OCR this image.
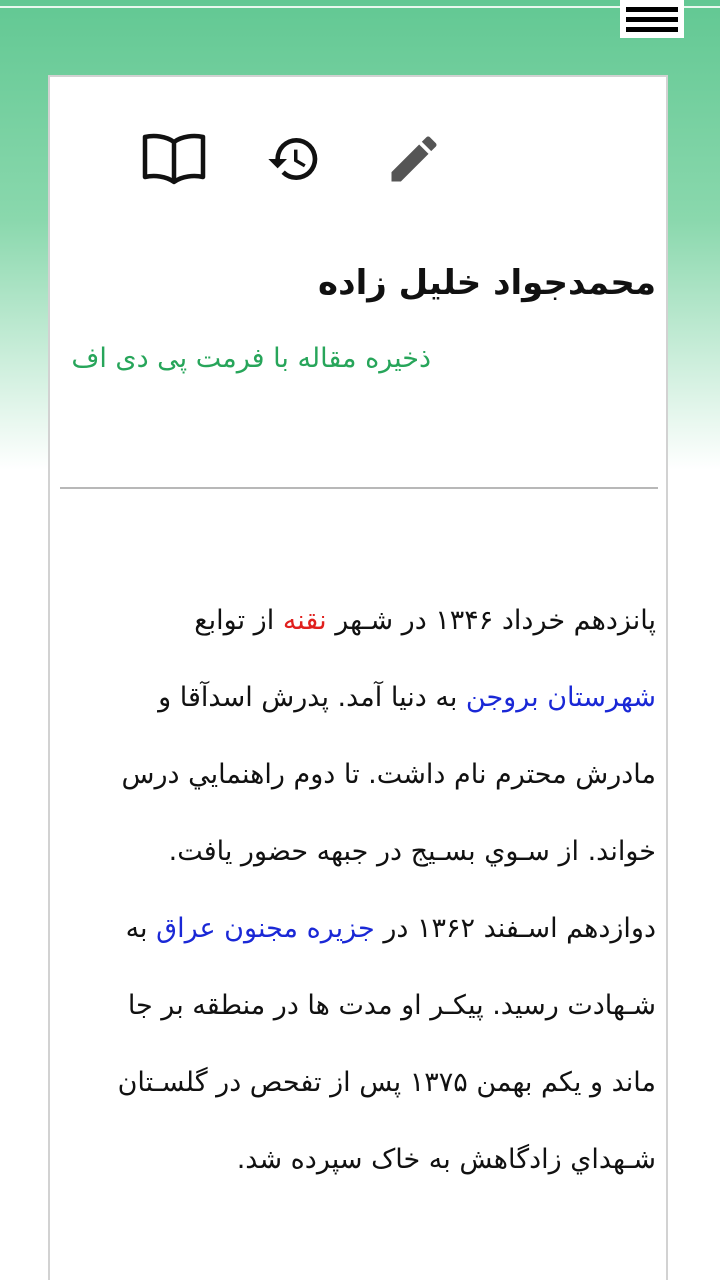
محمدجواد خلیل زاده
ذخیره مقاله با فرمت پی دی اف

پانزدهم خرداد ۱۳۴۶ در شـهر نقنه از توابع
شهرستان بروجن به دنیا آمد. پدرش اسدآقا و
مادرش محترم نام داشت. تا دوم راهنمايي درس
خواند. از سـوي بسـيج در جبهه حضور يافت.
دوازدهم اسـفند ۱۳۶۲ در جزیره مجنون عراق به
شـهادت رسید. پیکـر او مدت ها در منطقه بر جا
ماند و یکم بهمن ۱۳۷۵ پس از تفحص در گلسـتان
شـهداي زادگاهش به خاک سپرده شد.
